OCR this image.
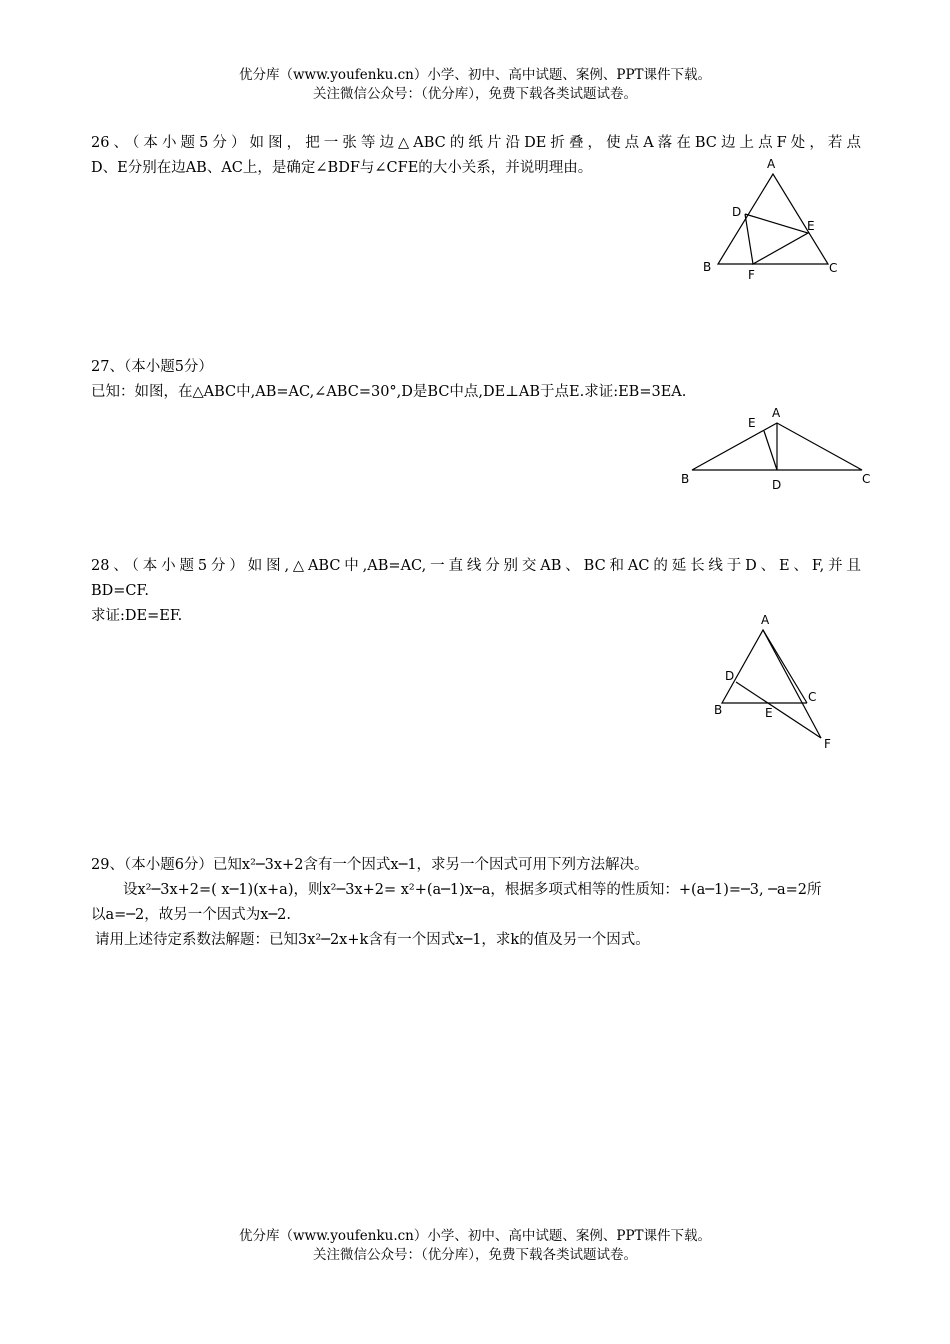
优分库（www.youfenku.cn）小学、初中、高中试题、案例、PPT课件下载。
关注微信公众号：（优分库），免费下载各类试题试卷。
26、（本小题5分）如图，把一张等边△ABC的纸片沿DE折叠，使点A落在BC边上点F处，若点
D、E分别在边AB、AC上，是确定∠BDF与∠CFE的大小关系，并说明理由。	A
B	C
D
E
F
27、（本小题5分）
已知：如图，在△ABC中,AB=AC,∠ABC=30°,D是BC中点,DE⊥AB于点E.求证:EB=3EA.
A
B	C
D
E
28、（本小题5分）如图,△ABC中,AB=AC,一直线分别交AB、BC和AC的延长线于D、E、F,并且
BD=CF.
求证:DE=EF.	A
B
C
D
E
F
29、（本小题6分）已知x²─3x+2含有一个因式x─1，求另一个因式可用下列方法解决。
设x²─3x+2=( x─1)(x+a)，则x²─3x+2= x²+(a─1)x─a，根据多项式相等的性质知：+(a─1)=─3, ─a=2所
以a=─2，故另一个因式为x─2.
请用上述待定系数法解题：已知3x²─2x+k含有一个因式x─1，求k的值及另一个因式。
优分库（www.youfenku.cn）小学、初中、高中试题、案例、PPT课件下载。
关注微信公众号：（优分库），免费下载各类试题试卷。
